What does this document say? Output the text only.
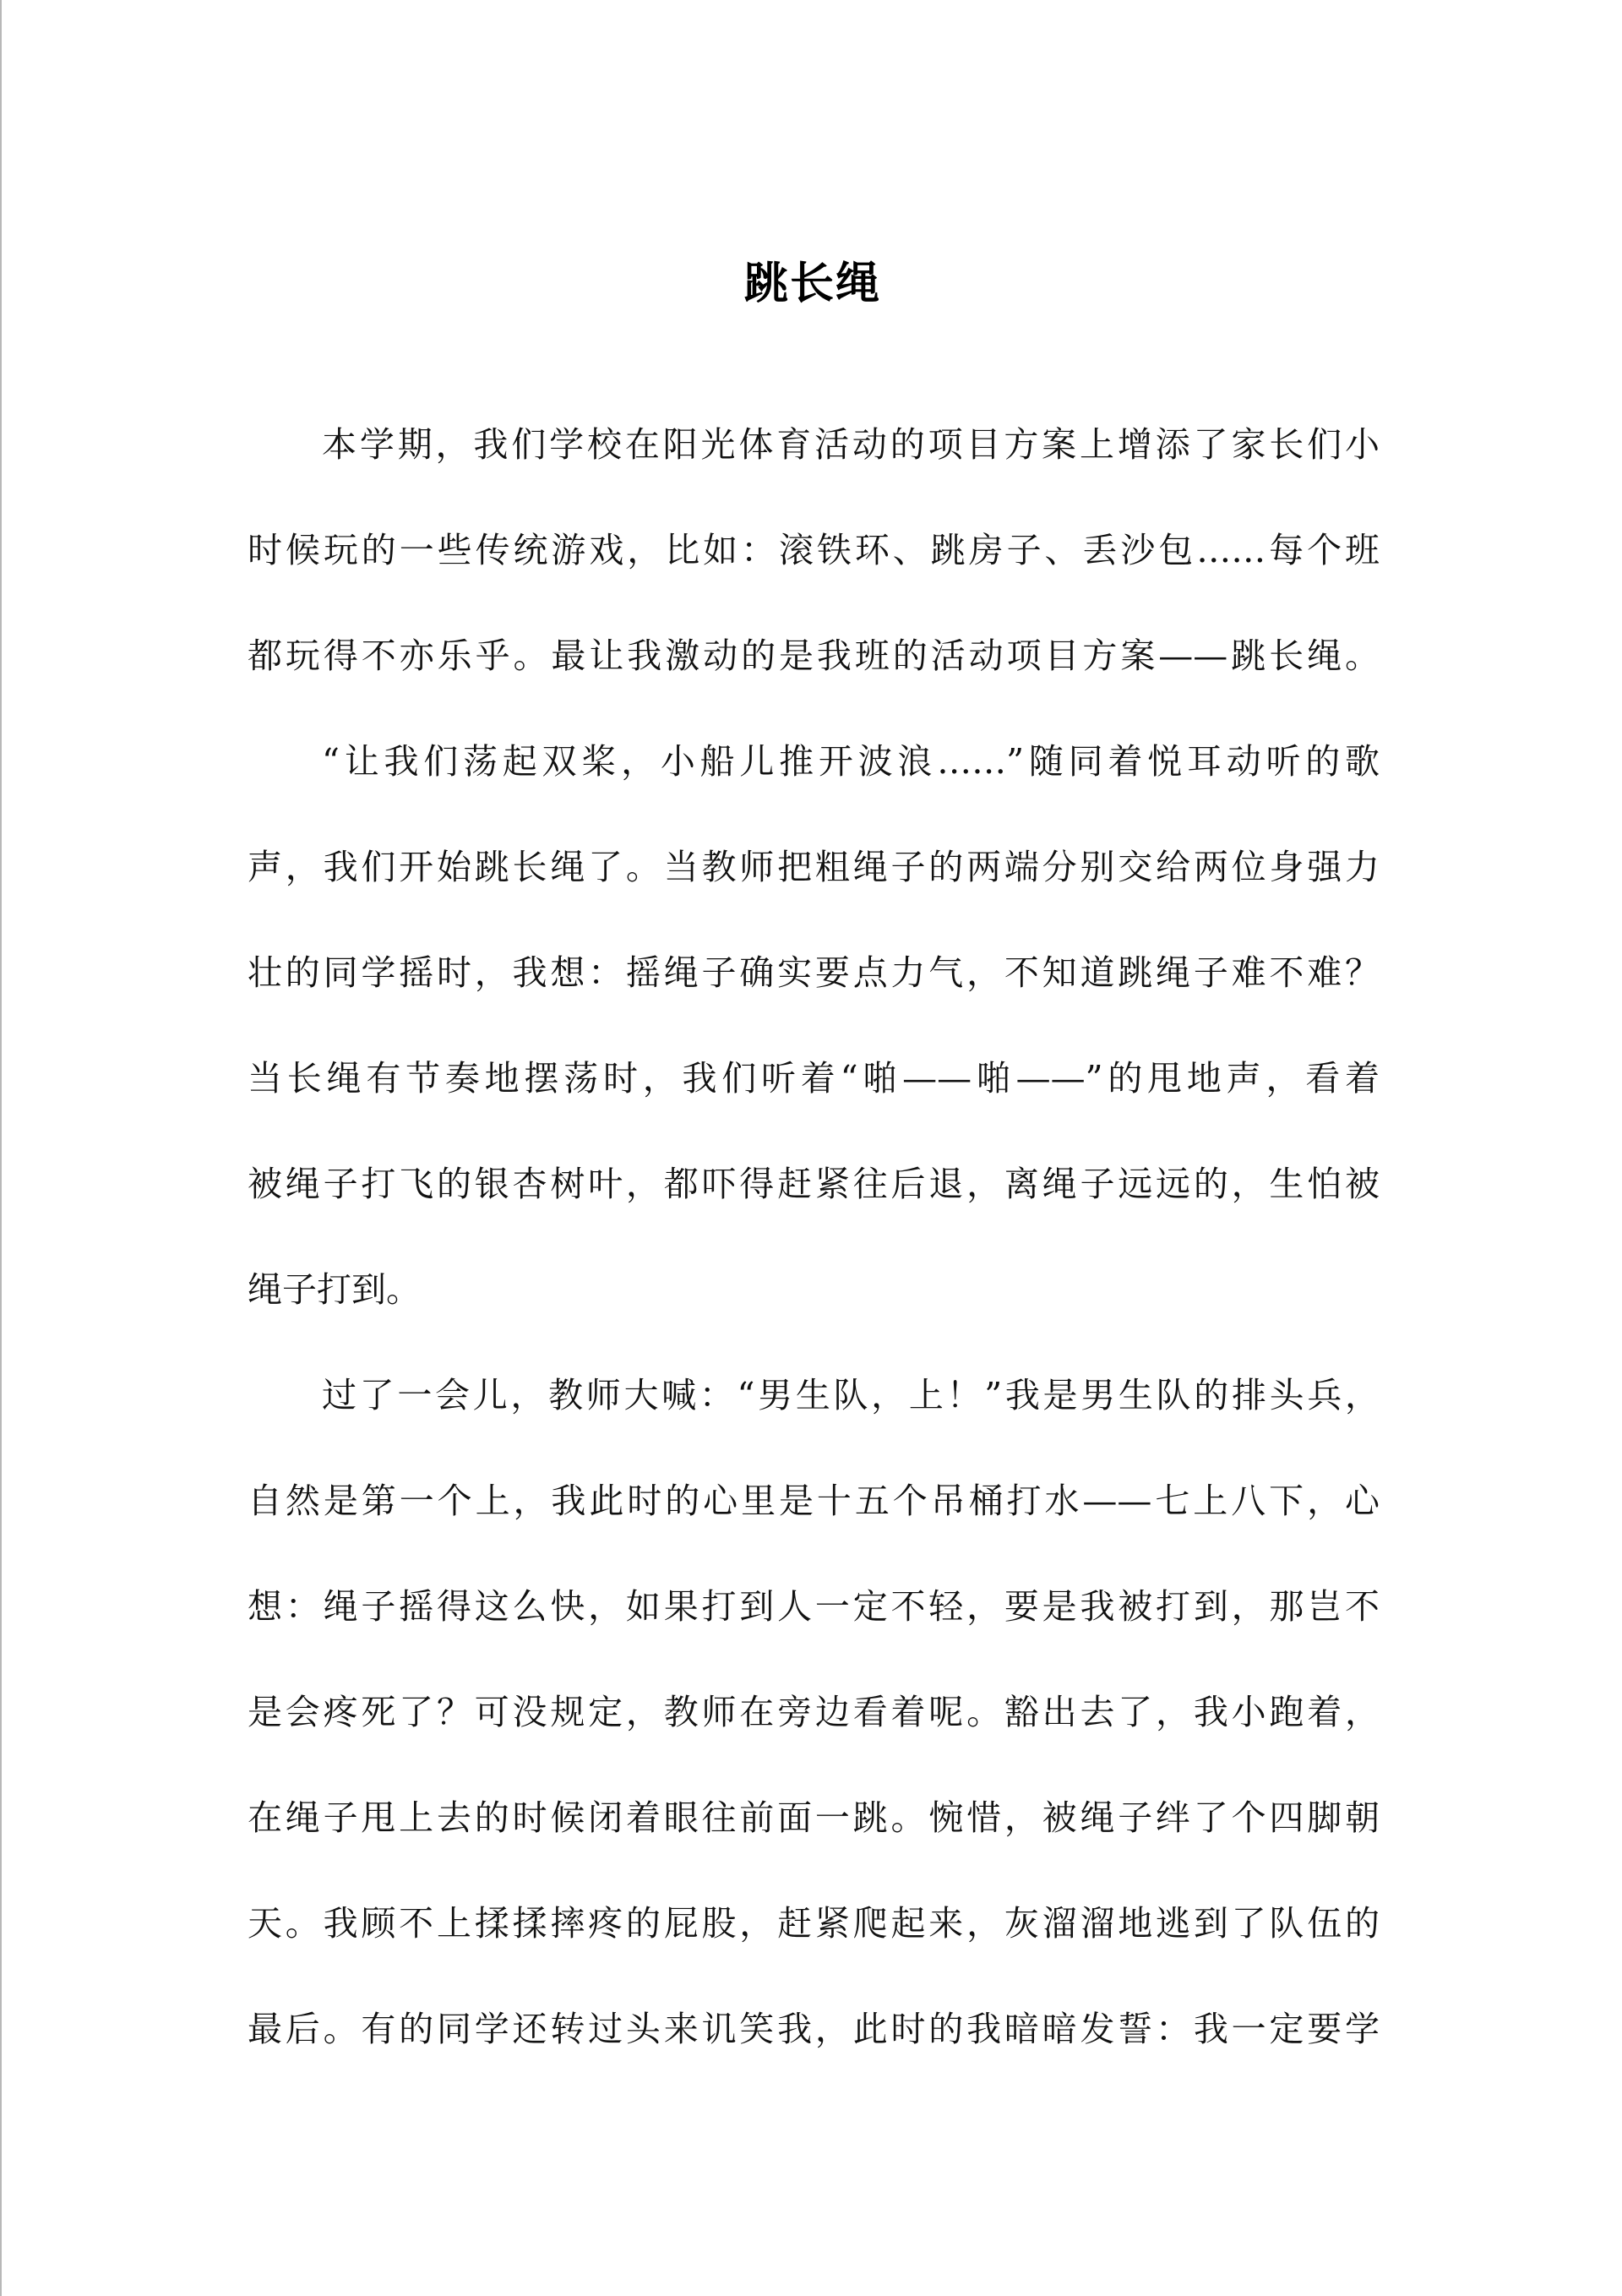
跳长绳
本学期，我们学校在阳光体育活动的项目方案上增添了家长们小
时候玩的一些传统游戏，比如：滚铁环、跳房子、丢沙包……每个班
都玩得不亦乐乎。最让我激动的是我班的活动项目方案——跳长绳。
“让我们荡起双桨，小船儿推开波浪……”随同着悦耳动听的歌
声，我们开始跳长绳了。当教师把粗绳子的两端分别交给两位身强力
壮的同学摇时，我想：摇绳子确实要点力气，不知道跳绳子难不难？
当长绳有节奏地摆荡时，我们听着“啪——啪——”的甩地声，看着
被绳子打飞的银杏树叶，都吓得赶紧往后退，离绳子远远的，生怕被
绳子打到。
过了一会儿，教师大喊：“男生队，上！”我是男生队的排头兵，
自然是第一个上，我此时的心里是十五个吊桶打水——七上八下，心
想：绳子摇得这么快，如果打到人一定不轻，要是我被打到，那岂不
是会疼死了？可没规定，教师在旁边看着呢。豁出去了，我小跑着，
在绳子甩上去的时候闭着眼往前面一跳。惋惜，被绳子绊了个四脚朝
天。我顾不上揉揉摔疼的屁股，赶紧爬起来，灰溜溜地逃到了队伍的
最后。有的同学还转过头来讥笑我，此时的我暗暗发誓：我一定要学
